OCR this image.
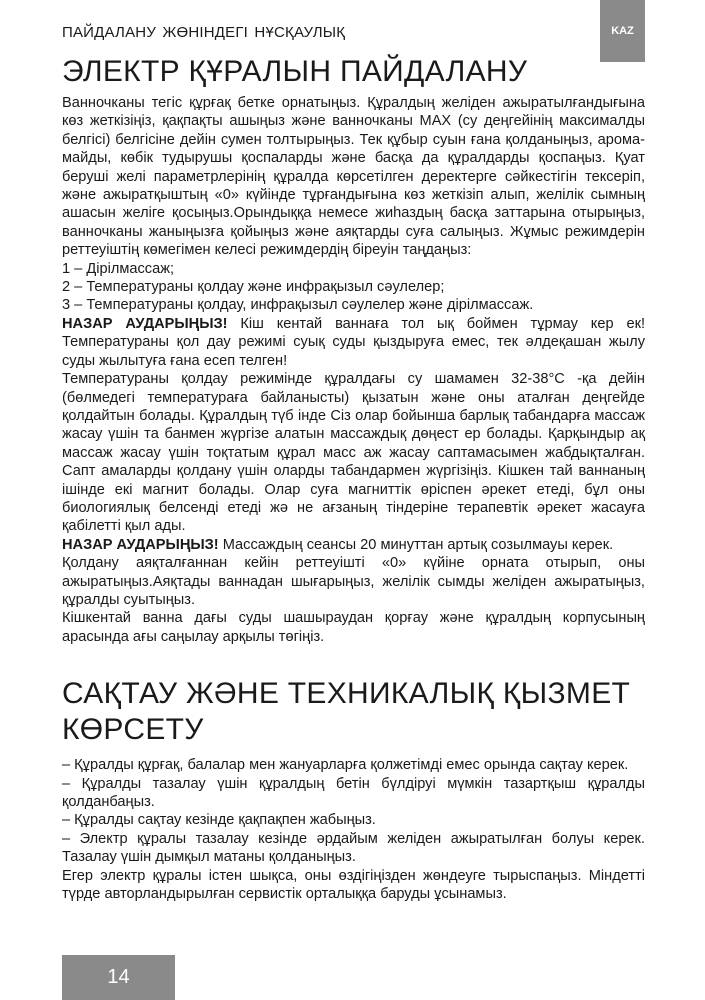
ПАЙДАЛАНУ ЖӨНІНДЕГІ НҰСҚАУЛЫҚ	KAZ
ЭЛЕКТР ҚҰРАЛЫН ПАЙДАЛАНУ

Ванночканы тегіс құрғақ бетке орнатыңыз. Құралдың желіден ажыратылғандығына көз жеткізіңіз, қақпақты ашыңыз және ванночканы MAX (су деңгейінің максималды белгісі) белгісіне дейін сумен толтырыңыз. Тек құбыр суын ғана қолданыңыз, арома-майды, көбік тудырушы қоспаларды және басқа да құралдарды қоспаңыз. Қуат беруші желі параметрлерінің құралда көрсетілген деректерге сәйкестігін тексеріп, және ажыратқыштың «0» күйінде тұрғандығына көз жеткізіп алып, желілік сымның ашасын желіге қосыңыз.Орындыққа немесе жиһаздың басқа заттарына отырыңыз, ванночканы жаныңызға қойыңыз және аяқтарды суға салыңыз. Жұмыс режимдерін реттеуіштің көмегімен келесі режимдердің біреуін таңдаңыз:

1 – Дірілмассаж;

2 – Температураны қолдау және инфрақызыл сәулелер;

3 – Температураны қолдау, инфрақызыл сәулелер және дірілмассаж.

НАЗАР АУДАРЫҢЫЗ! Кіш кентай ваннаға тол ық боймен тұрмау кер ек! Температураны қол дау режимі суық суды қыздыруға емес, тек әлдеқашан жылу суды жылытуға ғана есеп телген!

Температураны қолдау режимінде құралдағы су шамамен 32-38°C -қа дейін (бөлмедегі температураға байланысты) қызатын және оны аталған деңгейде қолдайтын болады. Құралдың түб інде Сіз олар бойынша барлық табандарға массаж жасау үшін та банмен жүргізе алатын массаждық дөңест ер болады. Қарқындыр ақ массаж жасау үшін тоқтатым құрал масс аж жасау саптамасымен жабдықталған. Сапт амаларды қолдану үшін оларды табандармен жүргізіңіз. Кішкен тай ваннаның ішінде екі магнит болады. Олар суға магниттік өріспен әрекет етеді, бұл оны биологиялық белсенді етеді жә не ағзаның тіндеріне терапевтік әрекет жасауға қабілетті қыл ады.

НАЗАР АУДАРЫҢЫЗ! Массаждың сеансы 20 минуттан артық созылмауы керек.

Қолдану аяқталғаннан кейін реттеуішті «0» күйіне орната отырып, оны ажыратыңыз.Аяқтады ваннадан шығарыңыз, желілік сымды желіден ажыратыңыз, құралды суытыңыз.

Кішкентай ванна дағы суды шашыраудан қорғау және құралдың корпусының арасында ағы саңылау арқылы төгіңіз.

САҚТАУ ЖӘНЕ ТЕХНИКАЛЫҚ ҚЫЗМЕТ КӨРСЕТУ

– Құралды құрғақ, балалар мен жануарларға қолжетімді емес орында сақтау керек.

– Құралды тазалау үшін құралдың бетін бүлдіруі мүмкін тазартқыш құралды қолданбаңыз.

– Құралды сақтау кезінде қақпақпен жабыңыз.

– Электр құралы тазалау кезінде әрдайым желіден ажыратылған болуы керек. Тазалау үшін дымқыл матаны қолданыңыз.

Егер электр құралы істен шықса, оны өздігіңізден жөндеуге тырыспаңыз. Міндетті түрде авторландырылған сервистік орталыққа баруды ұсынамыз.

14
